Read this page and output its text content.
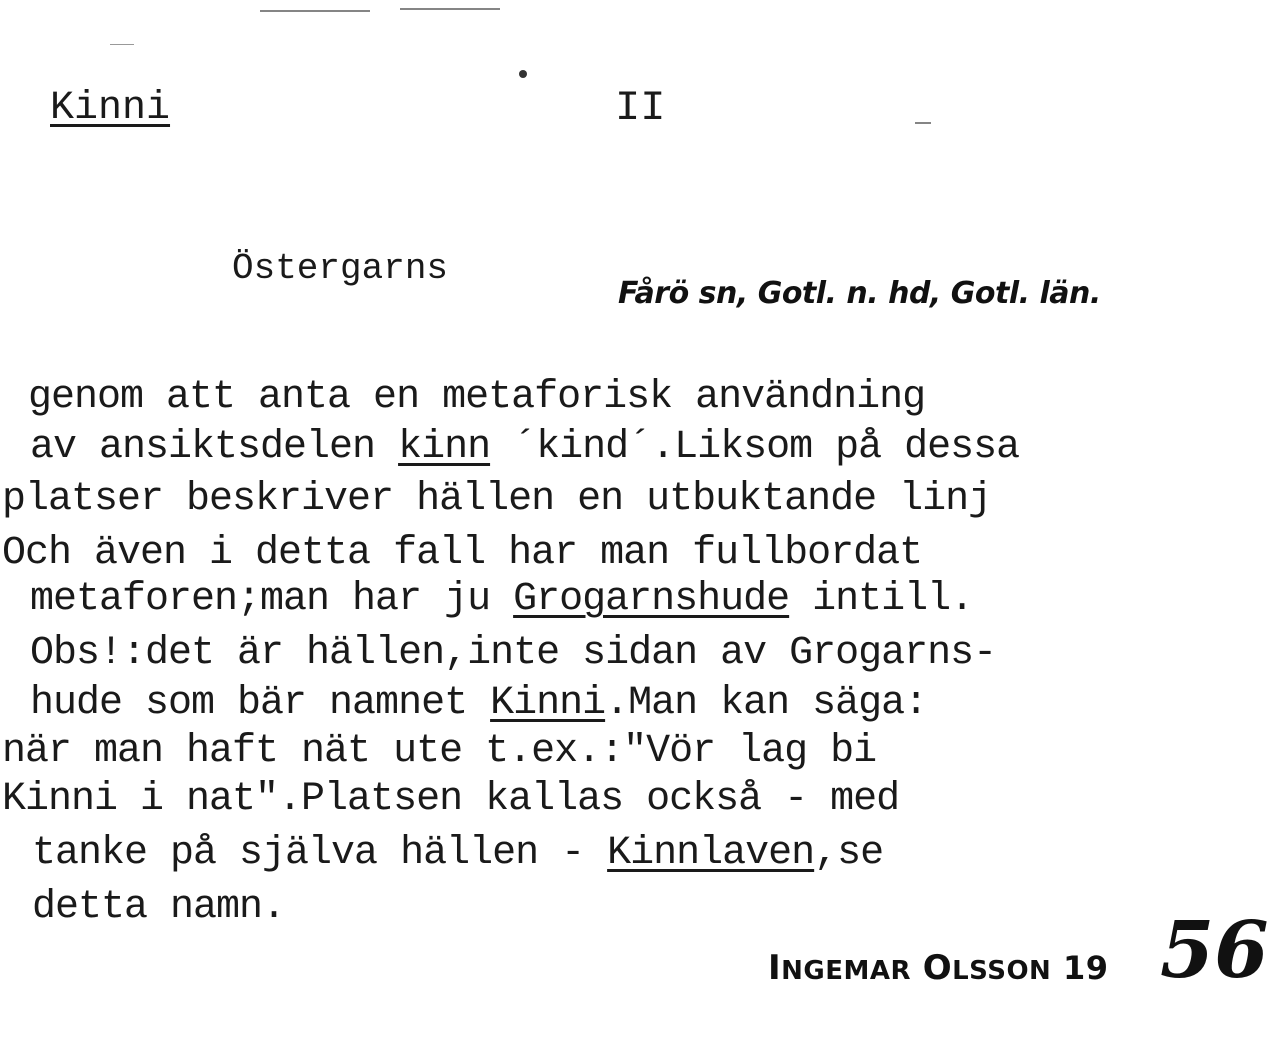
Kinni	II
Östergarns
Fårö sn, Gotl. n. hd, Gotl. län.
genom att anta en metaforisk användning
av ansiktsdelen kinn ´kind´.Liksom på dessa
platser beskriver hällen en utbuktande linj
Och även i detta fall har man fullbordat
metaforen;man har ju Grogarnshude intill.
Obs!:det är hällen,inte sidan av Grogarns-
hude som bär namnet Kinni.Man kan säga:
när man haft nät ute t.ex.:"Vör lag bi
Kinni i nat".Platsen kallas också - med
tanke på själva hällen - Kinnlaven,se
detta namn.
INGEMAR OLSSON 19 56
